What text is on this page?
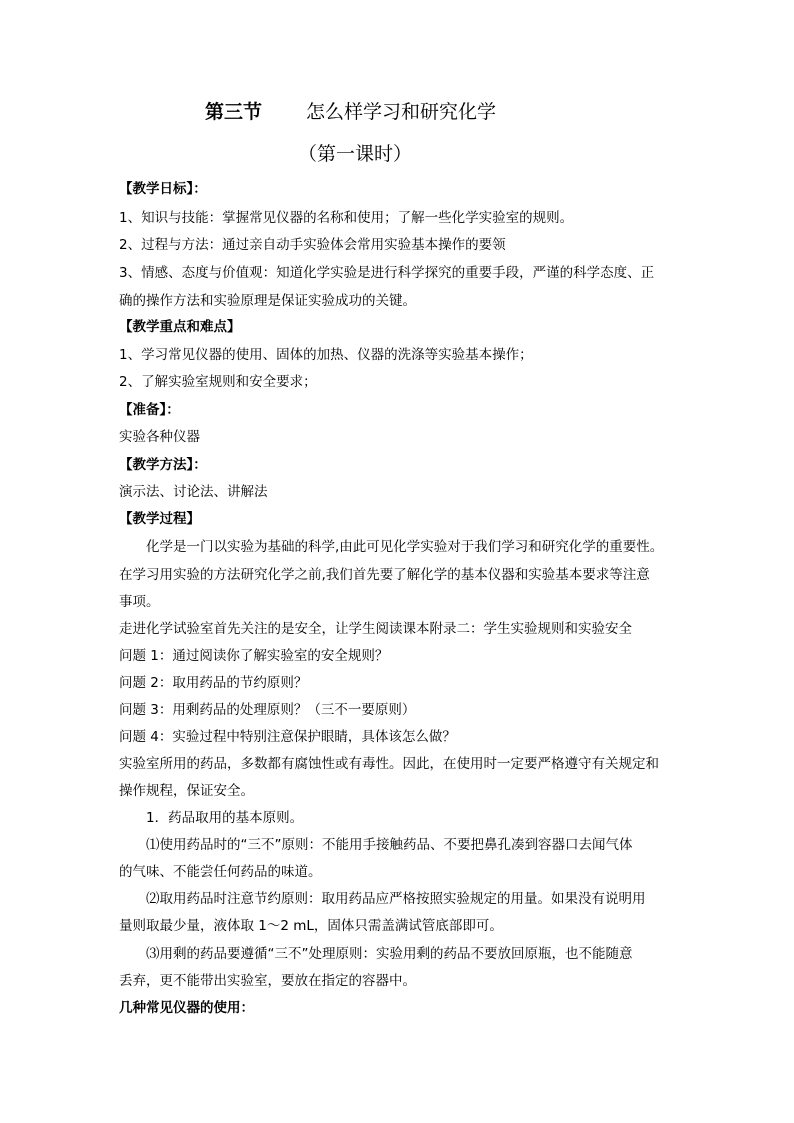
第三节 怎么样学习和研究化学
（第一课时）
【教学日标】：
1、知识与技能：掌握常见仪器的名称和使用；了解一些化学实验室的规则。
2、过程与方法：通过亲自动手实验体会常用实验基本操作的要领
3、情感、态度与价值观：知道化学实验是进行科学探究的重要手段，严谨的科学态度、正
确的操作方法和实验原理是保证实验成功的关键。
【教学重点和难点】
1、学习常见仪器的使用、固体的加热、仪器的洗涤等实验基本操作；
2、了解实验室规则和安全要求；
【准备】：
实验各种仪器
【教学方法】：
演示法、讨论法、讲解法
【教学过程】
　　化学是一门以实验为基础的科学,由此可见化学实验对于我们学习和研究化学的重要性。
在学习用实验的方法研究化学之前,我们首先要了解化学的基本仪器和实验基本要求等注意
事项。
走进化学试验室首先关注的是安全，让学生阅读课本附录二：学生实验规则和实验安全
问题 1：通过阅读你了解实验室的安全规则？
问题 2：取用药品的节约原则？
问题 3：用剩药品的处理原则？（三不一要原则）
问题 4：实验过程中特别注意保护眼睛，具体该怎么做？
实验室所用的药品，多数都有腐蚀性或有毒性。因此，在使用时一定要严格遵守有关规定和
操作规程，保证安全。
　　1．药品取用的基本原则。
　　⑴使用药品时的“三不”原则：不能用手接触药品、不要把鼻孔凑到容器口去闻气体
的气味、不能尝任何药品的味道。
　　⑵取用药品时注意节约原则：取用药品应严格按照实验规定的用量。如果没有说明用
量则取最少量，液体取 1～2 mL，固体只需盖满试管底部即可。
　　⑶用剩的药品要遵循“三不”处理原则：实验用剩的药品不要放回原瓶，也不能随意
丢弃，更不能带出实验室，要放在指定的容器中。
几种常见仪器的使用：
